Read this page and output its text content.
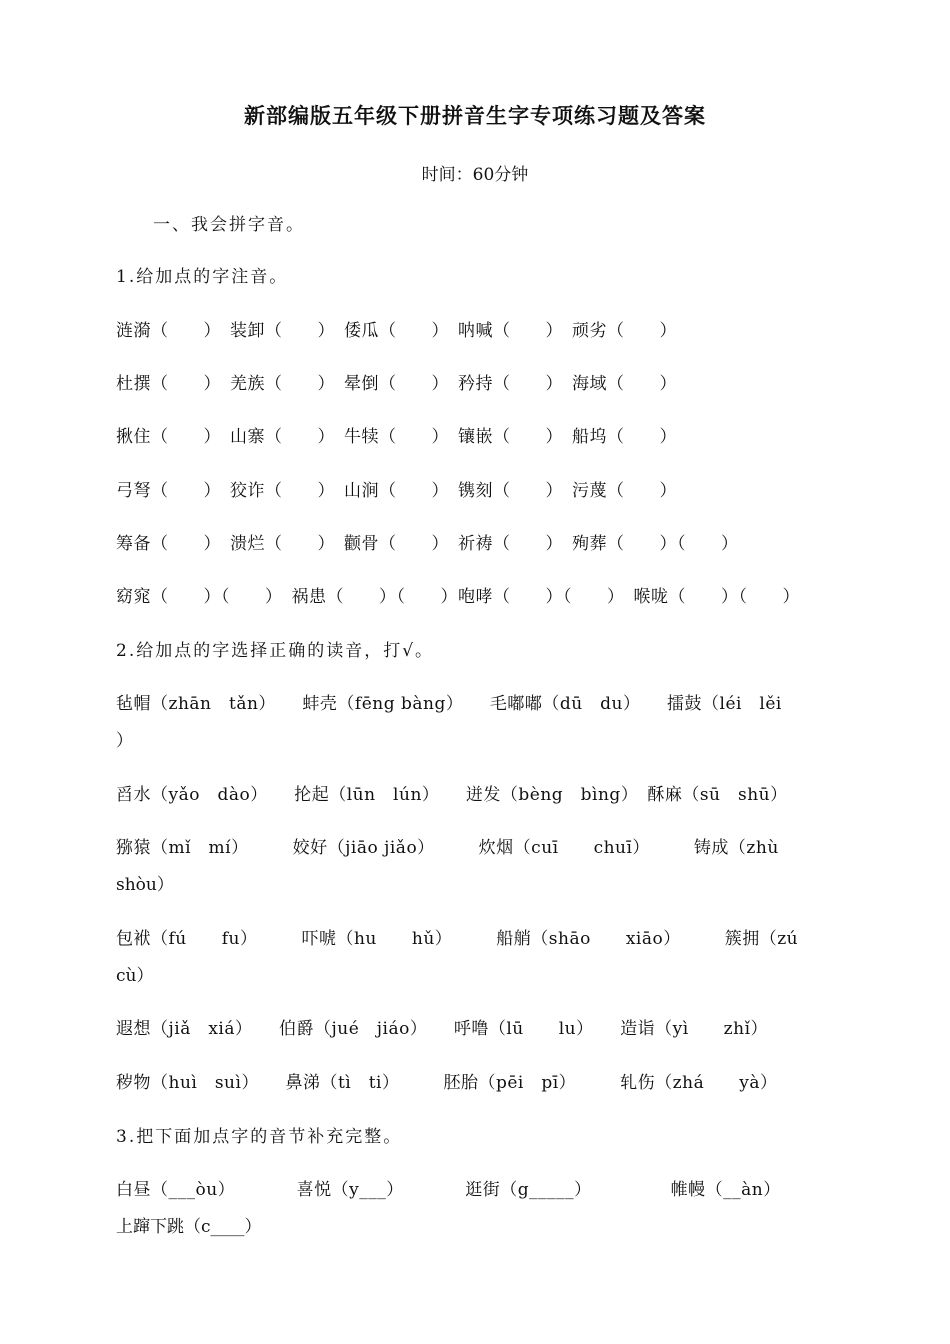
新部编版五年级下册拼音生字专项练习题及答案
时间：60分钟
一、我会拼字音。
1.给加点的字注音。
涟漪（　　）　装卸（　　）　倭瓜（　　）　呐喊（　　）　顽劣（　　）
杜撰（　　）　羌族（　　）　晕倒（　　）　矜持（　　）　海域（　　）
揪住（　　）　山寨（　　）　牛犊（　　）　镶嵌（　　）　船坞（　　）
弓弩（　　）　狡诈（　　）　山涧（　　）　镌刻（　　）　污蔑（　　）
筹备（　　）　溃烂（　　）　颧骨（　　）　祈祷（　　）　殉葬（　　）（　　）
窈窕（　　）（　　）　祸患（　　）（　　）咆哮（　　）（　　）　喉咙（　　）（　　）
2.给加点的字选择正确的读音，打√。
毡帽（zhān　tǎn）　　蚌壳（fēng bàng）　　毛嘟嘟（dū　du）　　擂鼓（léi　lěi
）
舀水（yǎo　dào）　　抡起（lūn　lún）　　迸发（bèng　bìng）　酥麻（sū　shū）
猕猿（mǐ　mí）　　　姣好（jiāo jiǎo）　　　炊烟（cuī　　chuī）　　　铸成（zhù
shòu）
包袱（fú　　fu）　　　吓唬（hu　　hǔ）　　　船艄（shāo　　xiāo）　　　簇拥（zú
cù）
遐想（jiǎ　xiá）　　伯爵（jué　jiáo）　　呼噜（lū　　lu）　　造诣（yì　　zhǐ）
秽物（huì　suì）　　鼻涕（tì　ti）　　　胚胎（pēi　pī）　　　轧伤（zhá　　yà）
3.把下面加点字的音节补充完整。
白昼（___òu）　　　　喜悦（y___）　　　　逛街（g_____）　　　　　帷幔（__àn）
上蹿下跳（c____）
